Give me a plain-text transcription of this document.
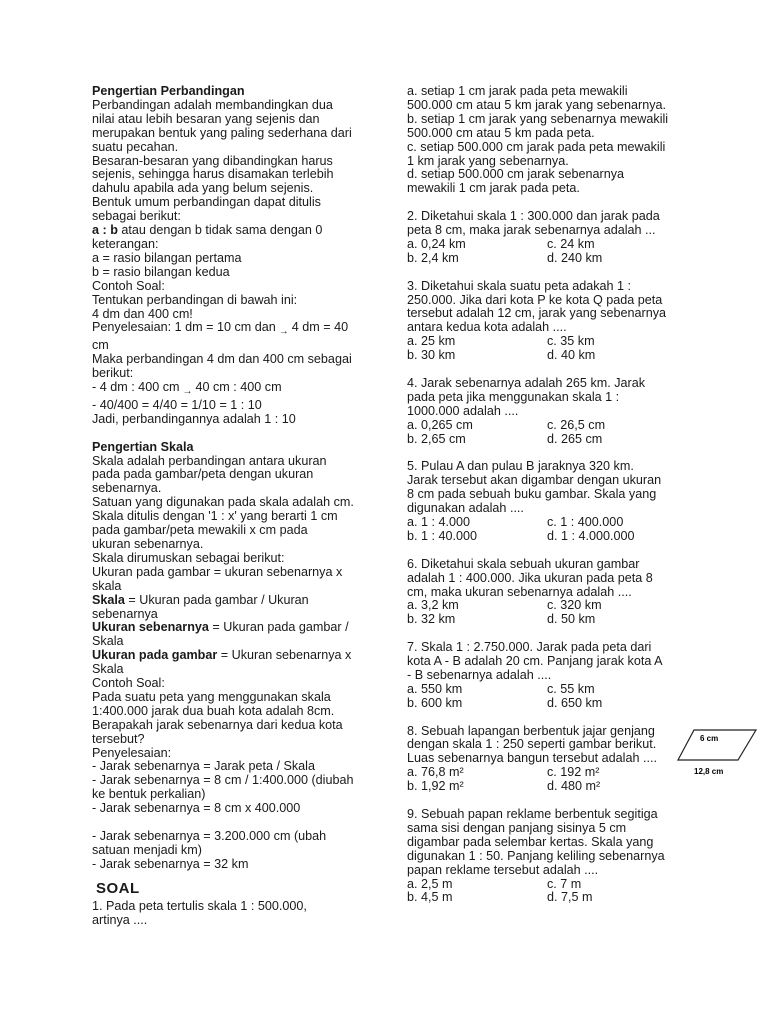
Pengertian Perbandingan
Perbandingan adalah membandingkan dua
nilai atau lebih besaran yang sejenis dan
merupakan bentuk yang paling sederhana dari
suatu pecahan.
Besaran-besaran yang dibandingkan harus
sejenis, sehingga harus disamakan terlebih
dahulu apabila ada yang belum sejenis.
Bentuk umum perbandingan dapat ditulis
sebagai berikut:
a : b atau dengan b tidak sama dengan 0
keterangan:
a = rasio bilangan pertama
b = rasio bilangan kedua
Contoh Soal:
Tentukan perbandingan di bawah ini:
4 dm dan 400 cm!
Penyelesaian: 1 dm = 10 cm dan → 4 dm = 40
cm
Maka perbandingan 4 dm dan 400 cm sebagai
berikut:
- 4 dm : 400 cm → 40 cm : 400 cm
- 40/400 = 4/40 = 1/10 = 1 : 10
Jadi, perbandingannya adalah 1 : 10
Pengertian Skala
Skala adalah perbandingan antara ukuran
pada pada gambar/peta dengan ukuran
sebenarnya.
Satuan yang digunakan pada skala adalah cm.
Skala ditulis dengan '1 : x' yang berarti 1 cm
pada gambar/peta mewakili x cm pada
ukuran sebenarnya.
Skala dirumuskan sebagai berikut:
Ukuran pada gambar = ukuran sebenarnya x
skala
Skala = Ukuran pada gambar / Ukuran
sebenarnya
Ukuran sebenarnya = Ukuran pada gambar /
Skala
Ukuran pada gambar = Ukuran sebenarnya x
Skala
Contoh Soal:
Pada suatu peta yang menggunakan skala
1:400.000 jarak dua buah kota adalah 8cm.
Berapakah jarak sebenarnya dari kedua kota
tersebut?
Penyelesaian:
- Jarak sebenarnya = Jarak peta / Skala
- Jarak sebenarnya = 8 cm / 1:400.000 (diubah
ke bentuk perkalian)
- Jarak sebenarnya = 8 cm x 400.000
- Jarak sebenarnya = 3.200.000 cm (ubah
satuan menjadi km)
- Jarak sebenarnya = 32 km
SOAL
1. Pada peta tertulis skala 1 : 500.000,
artinya ....
a. setiap 1 cm jarak pada peta mewakili
500.000 cm atau 5 km jarak yang sebenarnya.
b. setiap 1 cm jarak yang sebenarnya mewakili
500.000 cm atau 5 km pada peta.
c. setiap 500.000 cm jarak pada peta mewakili
1 km jarak yang sebenarnya.
d. setiap 500.000 cm jarak sebenarnya
mewakili 1 cm jarak pada peta.
2. Diketahui skala 1 : 300.000 dan jarak pada
peta 8 cm, maka jarak sebenarnya adalah ...
a. 0,24 km	c. 24 km
b. 2,4 km	d. 240 km
3. Diketahui skala suatu peta adakah 1 :
250.000. Jika dari kota P ke kota Q pada peta
tersebut adalah 12 cm, jarak yang sebenarnya
antara kedua kota adalah ....
a. 25 km	c. 35 km
b. 30 km	d. 40 km
4. Jarak sebenarnya adalah 265 km. Jarak
pada peta jika menggunakan skala 1 :
1000.000 adalah ....
a. 0,265 cm	c. 26,5 cm
b. 2,65 cm	d. 265 cm
5. Pulau A dan pulau B jaraknya 320 km.
Jarak tersebut akan digambar dengan ukuran
8 cm pada sebuah buku gambar. Skala yang
digunakan adalah ....
a. 1 : 4.000	c. 1 : 400.000
b. 1 : 40.000	d. 1 : 4.000.000
6. Diketahui skala sebuah ukuran gambar
adalah 1 : 400.000. Jika ukuran pada peta 8
cm, maka ukuran sebenarnya adalah ....
a. 3,2 km	c. 320 km
b. 32 km	d. 50 km
7. Skala 1 : 2.750.000. Jarak pada peta dari
kota A - B adalah 20 cm. Panjang jarak kota A
- B sebenarnya adalah ....
a. 550 km	c. 55 km
b. 600 km	d. 650 km
8. Sebuah lapangan berbentuk jajar genjang
dengan skala 1 : 250 seperti gambar berikut.
Luas sebenarnya bangun tersebut adalah ....
a. 76,8 m²	c. 192 m²
b. 1,92 m²	d. 480 m²
9. Sebuah papan reklame berbentuk segitiga
sama sisi dengan panjang sisinya 5 cm
digambar pada selembar kertas. Skala yang
digunakan 1 : 50. Panjang keliling sebenarnya
papan reklame tersebut adalah ....
a. 2,5 m	c. 7 m
b. 4,5 m	d. 7,5 m
6 cm
12,8 cm
